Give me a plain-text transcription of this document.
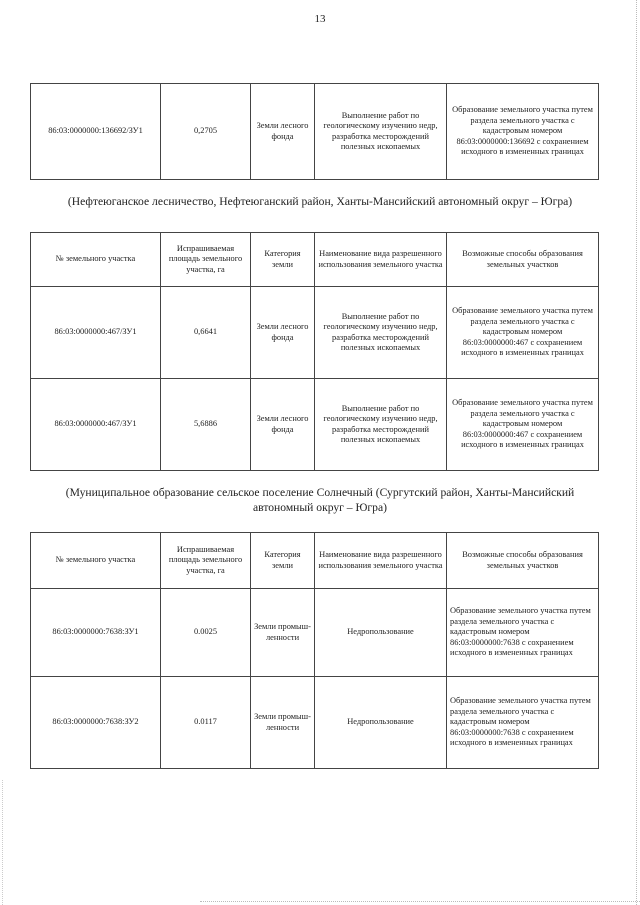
13
86:03:0000000:136692/ЗУ1	0,2705	Земли лесного фонда	Выполнение работ по геологическому изучению недр, разработка месторождений полезных ископаемых	Образование земельного участка путем раздела земельного участка с кадастровым номером 86:03:0000000:136692 с сохранением исходного в измененных границах
(Нефтеюганское лесничество, Нефтеюганский район, Ханты-Мансийский автономный округ – Югра)
№ земельного участка	Испрашиваемая площадь земельного участка, га	Категория земли	Наименование вида разрешенного использования земельного участка	Возможные способы образования земельных участков
86:03:0000000:467/ЗУ1	0,6641	Земли лесного фонда	Выполнение работ по геологическому изучению недр, разработка месторождений полезных ископаемых	Образование земельного участка путем раздела земельного участка с кадастровым номером 86:03:0000000:467 с сохранением исходного в измененных границах
86:03:0000000:467/ЗУ1	5,6886	Земли лесного фонда	Выполнение работ по геологическому изучению недр, разработка месторождений полезных ископаемых	Образование земельного участка путем раздела земельного участка с кадастровым номером 86:03:0000000:467 с сохранением исходного в измененных границах
(Муниципальное образование сельское поселение Солнечный (Сургутский район, Ханты-Мансийский автономный округ – Югра)
№ земельного участка	Испрашиваемая площадь земельного участка, га	Категория земли	Наименование вида разрешенного использования земельного участка	Возможные способы образования земельных участков
86:03:0000000:7638:ЗУ1	0.0025	Земли промыш-ленности	Недропользование	Образование земельного участка путем раздела земельного участка с кадастровым номером 86:03:0000000:7638 с сохранением исходного в измененных границах
86:03:0000000:7638:ЗУ2	0.0117	Земли промыш-ленности	Недропользование	Образование земельного участка путем раздела земельного участка с кадастровым номером 86:03:0000000:7638 с сохранением исходного в измененных границах
